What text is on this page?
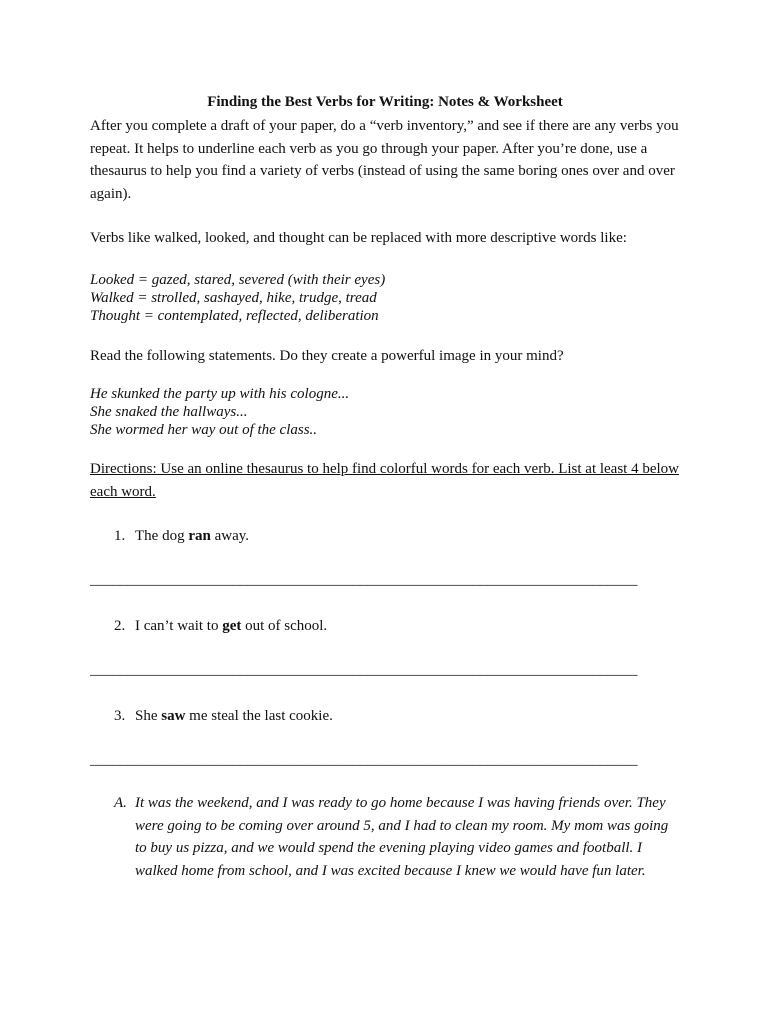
Finding the Best Verbs for Writing: Notes & Worksheet

After you complete a draft of your paper, do a “verb inventory,” and see if there are any verbs you repeat. It helps to underline each verb as you go through your paper. After you’re done, use a thesaurus to help you find a variety of verbs (instead of using the same boring ones over and over again).

Verbs like walked, looked, and thought can be replaced with more descriptive words like:

Looked = gazed, stared, severed (with their eyes)
Walked = strolled, sashayed, hike, trudge, tread
Thought = contemplated, reflected, deliberation

Read the following statements. Do they create a powerful image in your mind?

He skunked the party up with his cologne...
She snaked the hallways...
She wormed her way out of the class..

Directions: Use an online thesaurus to help find colorful words for each verb. List at least 4 below each word.

1. The dog ran away.
_________________________________________________________________________
2. I can’t wait to get out of school.
_________________________________________________________________________
3. She saw me steal the last cookie.
_________________________________________________________________________
A. It was the weekend, and I was ready to go home because I was having friends over. They were going to be coming over around 5, and I had to clean my room. My mom was going to buy us pizza, and we would spend the evening playing video games and football. I walked home from school, and I was excited because I knew we would have fun later.
